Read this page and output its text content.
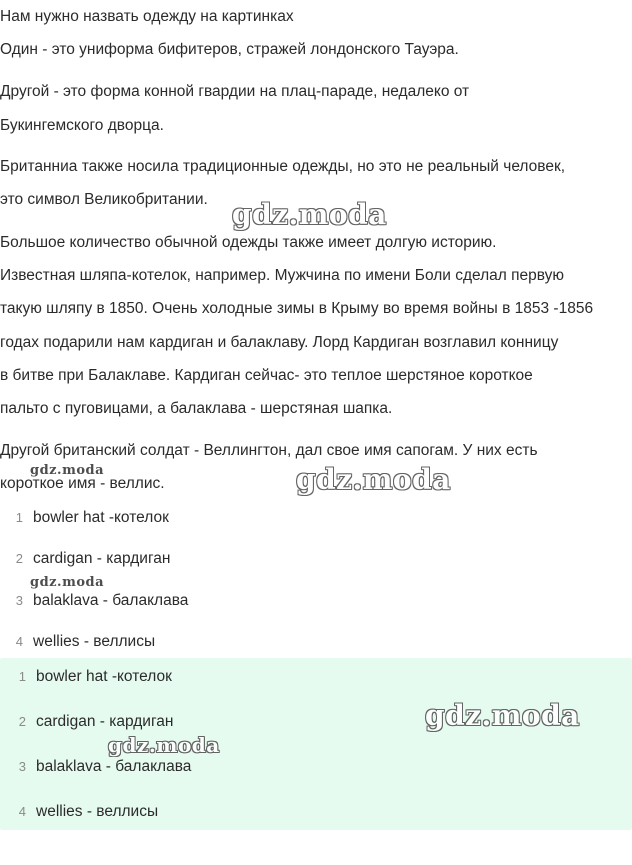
Нам нужно назвать одежду на картинках
Один - это униформа бифитеров, стражей лондонского Тауэра.
Другой - это форма конной гвардии на плац-параде, недалеко от
Букингемского дворца.
Британниа также носила традиционные одежды, но это не реальный человек,
это символ Великобритании.
Большое количество обычной одежды также имеет долгую историю.
Известная шляпа-котелок, например. Мужчина по имени Боли сделал первую
такую шляпу в 1850. Очень холодные зимы в Крыму во время войны в 1853 -1856
годах подарили нам кардиган и балаклаву. Лорд Кардиган возглавил конницу
в битве при Балаклаве. Кардиган сейчас- это теплое шерстяное короткое
пальто с пуговицами, а балаклава - шерстяная шапка.
Другой британский солдат - Веллингтон, дал свое имя сапогам. У них есть
короткое имя - веллис.
1 bowler hat -котелок
2 cardigan - кардиган
3 balaklava - балаклава
4 wellies - веллисы
1 bowler hat -котелок
2 cardigan - кардиган
3 balaklava - балаклава
4 wellies - веллисы
gdz.moda
gdz.moda
gdz.moda
gdz.moda
gdz.moda
gdz.moda
